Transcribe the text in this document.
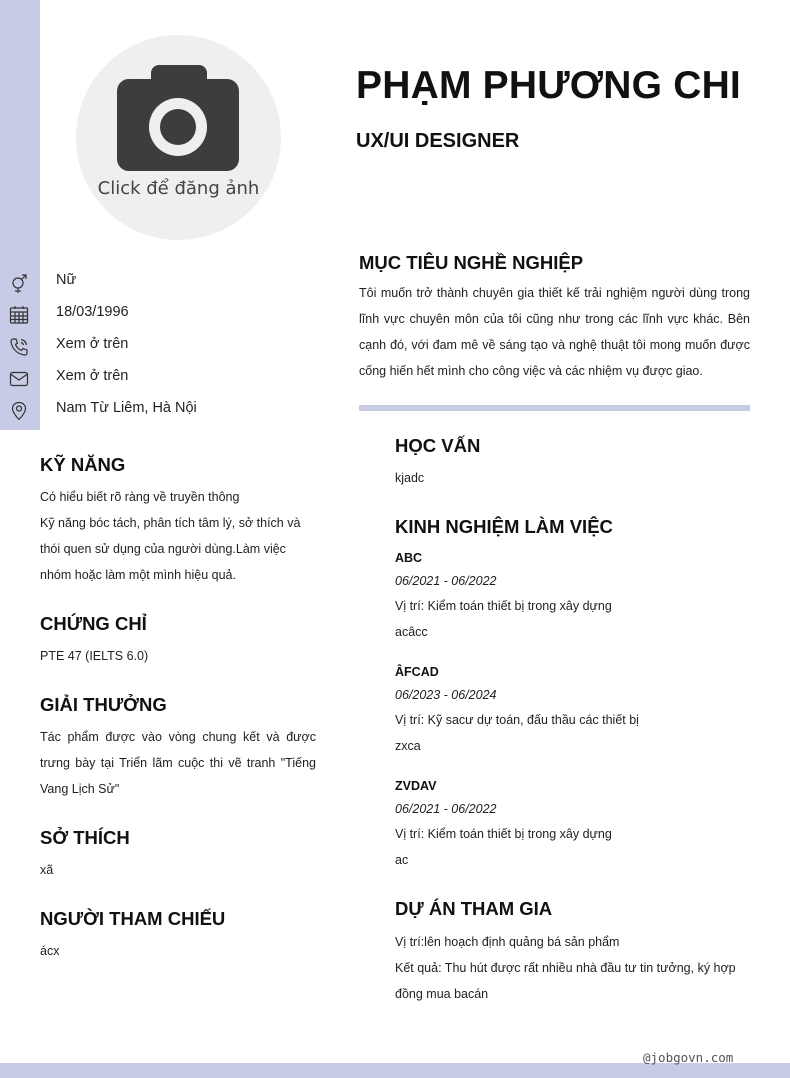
Click để đăng ảnh
PHẠM PHƯƠNG CHI
UX/UI DESIGNER
Nữ
18/03/1996
Xem ở trên
Xem ở trên
Nam Từ Liêm, Hà Nội
KỸ NĂNG
Có hiểu biết rõ ràng về truyền thông
Kỹ năng bóc tách, phân tích tâm lý, sở thích và
thói quen sử dụng của người dùng.Làm việc
nhóm hoặc làm một mình hiệu quả.
CHỨNG CHỈ
PTE 47 (IELTS 6.0)
GIẢI THƯỞNG
Tác phẩm được vào vòng chung kết và được trưng bày tại Triển lãm cuộc thi vẽ tranh "Tiếng Vang Lịch Sử"
SỞ THÍCH
xã
NGƯỜI THAM CHIẾU
ácx
MỤC TIÊU NGHỀ NGHIỆP
Tôi muốn trở thành chuyên gia thiết kế trải nghiệm người dùng trong lĩnh vực chuyên môn của tôi cũng như trong các lĩnh vực khác. Bên cạnh đó, với đam mê về sáng tạo và nghệ thuật tôi mong muốn được cống hiến hết mình cho công việc và các nhiệm vụ được giao.
HỌC VẤN
kjadc
KINH NGHIỆM LÀM VIỆC
ABC
06/2021 - 06/2022
Vị trí: Kiểm toán thiết bị trong xây dựng
acâcc
ÂFCAD
06/2023 - 06/2024
Vị trí: Kỹ sacư dự toán, đấu thầu các thiết bị
zxca
ZVDAV
06/2021 - 06/2022
Vị trí: Kiểm toán thiết bị trong xây dựng
ac
DỰ ÁN THAM GIA
Vị trí:lên hoạch định quảng bá sản phẩm
Kết quả: Thu hút được rất nhiều nhà đầu tư tin tưởng, ký hợp đồng mua bacán
@jobgovn.com
